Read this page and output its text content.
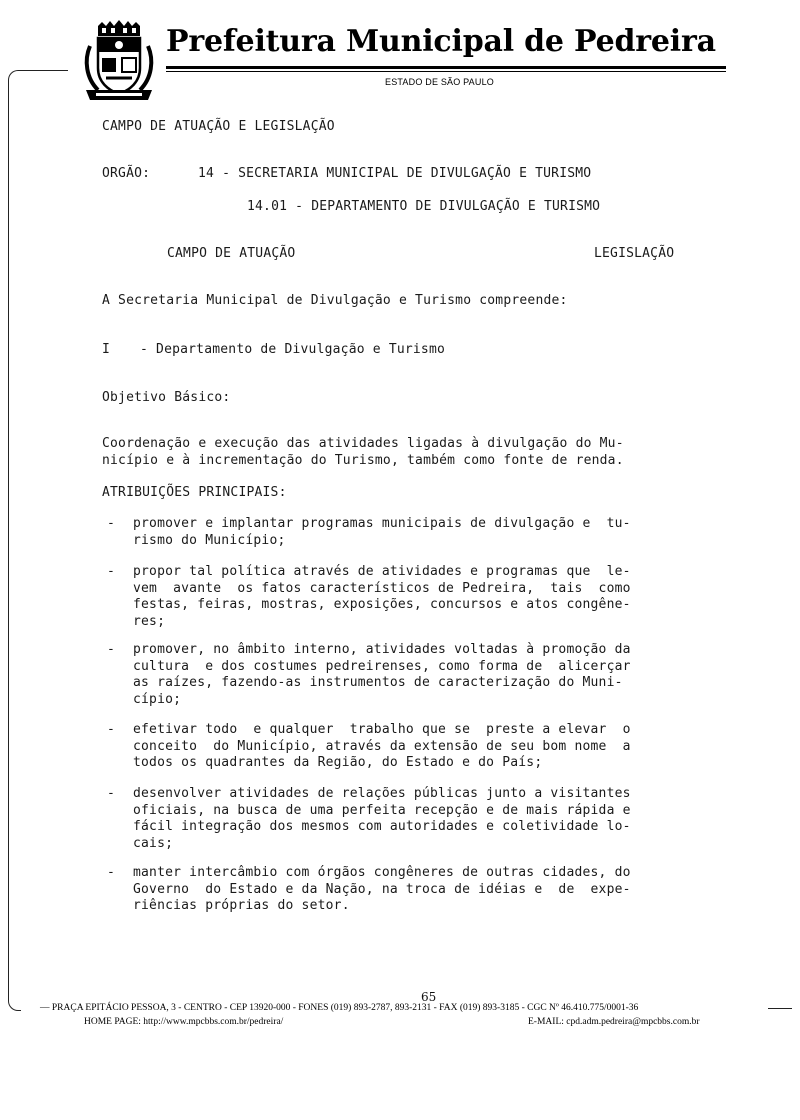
Prefeitura Municipal de Pedreira
ESTADO DE SÃO PAULO
CAMPO DE ATUAÇÃO E LEGISLAÇÃO
ORGÃO:	14 - SECRETARIA MUNICIPAL DE DIVULGAÇÃO E TURISMO
14.01 - DEPARTAMENTO DE DIVULGAÇÃO E TURISMO
CAMPO DE ATUAÇÃO	LEGISLAÇÃO
A Secretaria Municipal de Divulgação e Turismo compreende:
I - Departamento de Divulgação e Turismo
Objetivo Básico:
Coordenação e execução das atividades ligadas à divulgação do Mu-
nicípio e à incrementação do Turismo, também como fonte de renda.
ATRIBUIÇÕES PRINCIPAIS:
- promover e implantar programas municipais de divulgação e  tu-
rismo do Município;
- propor tal política através de atividades e programas que  le-
vem  avante  os fatos característicos de Pedreira,  tais  como
festas, feiras, mostras, exposições, concursos e atos congêne-
res;
- promover, no âmbito interno, atividades voltadas à promoção da
cultura  e dos costumes pedreirenses, como forma de  alicerçar
as raízes, fazendo-as instrumentos de caracterização do Muni-
cípio;
- efetivar todo  e qualquer  trabalho que se  preste a elevar  o
conceito  do Município, através da extensão de seu bom nome  a
todos os quadrantes da Região, do Estado e do País;
- desenvolver atividades de relações públicas junto a visitantes
oficiais, na busca de uma perfeita recepção e de mais rápida e
fácil integração dos mesmos com autoridades e coletividade lo-
cais;
- manter intercâmbio com órgãos congêneres de outras cidades, do
Governo  do Estado e da Nação, na troca de idéias e  de  expe-
riências próprias do setor.
65
— PRAÇA EPITÁCIO PESSOA, 3 - CENTRO - CEP 13920-000 - FONES (019) 893-2787, 893-2131 - FAX (019) 893-3185 - CGC Nº 46.410.775/0001-36
HOME PAGE: http://www.mpcbbs.com.br/pedreira/	E-MAIL: cpd.adm.pedreira@mpcbbs.com.br
